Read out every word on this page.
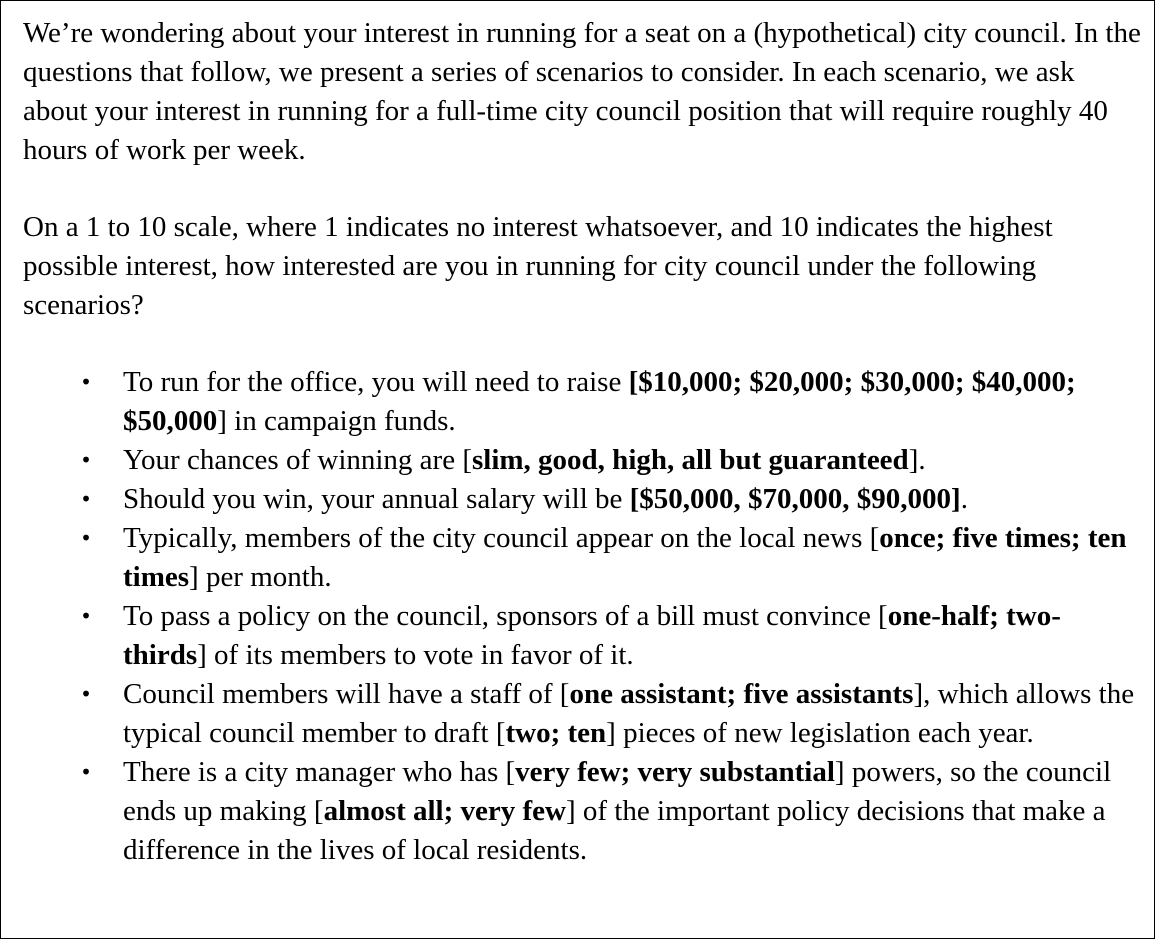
We’re wondering about your interest in running for a seat on a (hypothetical) city council. In the questions that follow, we present a series of scenarios to consider. In each scenario, we ask about your interest in running for a full-time city council position that will require roughly 40 hours of work per week.

On a 1 to 10 scale, where 1 indicates no interest whatsoever, and 10 indicates the highest possible interest, how interested are you in running for city council under the following scenarios?

• To run for the office, you will need to raise [$10,000; $20,000; $30,000; $40,000; $50,000] in campaign funds.
• Your chances of winning are [slim, good, high, all but guaranteed].
• Should you win, your annual salary will be [$50,000, $70,000, $90,000].
• Typically, members of the city council appear on the local news [once; five times; ten times] per month.
• To pass a policy on the council, sponsors of a bill must convince [one-half; two-thirds] of its members to vote in favor of it.
• Council members will have a staff of [one assistant; five assistants], which allows the typical council member to draft [two; ten] pieces of new legislation each year.
• There is a city manager who has [very few; very substantial] powers, so the council ends up making [almost all; very few] of the important policy decisions that make a difference in the lives of local residents.
